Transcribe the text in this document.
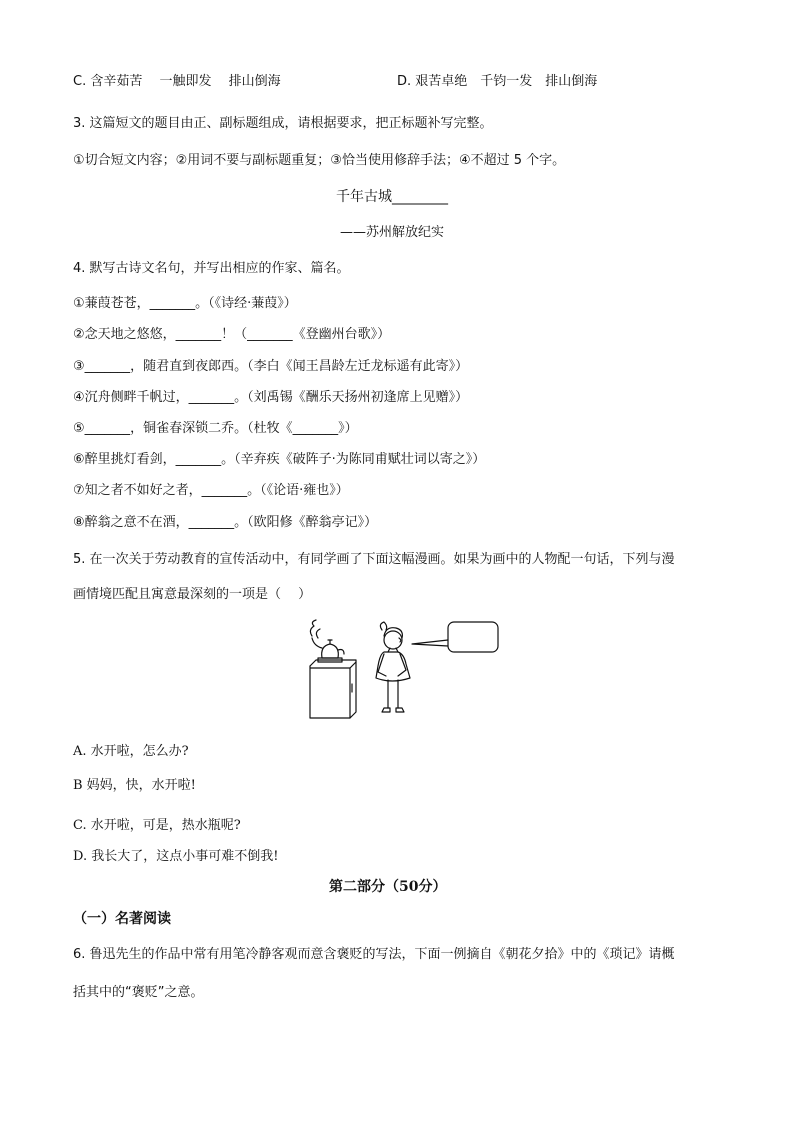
C. 含辛茹苦　 一触即发　 排山倒海	D. 艰苦卓绝　千钧一发　排山倒海
3. 这篇短文的题目由正、副标题组成，请根据要求，把正标题补写完整。
①切合短文内容；②用词不要与副标题重复；③恰当使用修辞手法；④不超过 5 个字。
千年古城________
——苏州解放纪实
4. 默写古诗文名句，并写出相应的作家、篇名。
①蒹葭苍苍，_______。（《诗经·蒹葭》）
②念天地之悠悠，_______！（_______《登幽州台歌》）
③_______，随君直到夜郎西。（李白《闻王昌龄左迁龙标遥有此寄》）
④沉舟侧畔千帆过，_______。（刘禹锡《酬乐天扬州初逢席上见赠》）
⑤_______，铜雀春深锁二乔。（杜牧《_______》）
⑥醉里挑灯看剑，_______。（辛弃疾《破阵子·为陈同甫赋壮词以寄之》）
⑦知之者不如好之者，_______。（《论语·雍也》）
⑧醉翁之意不在酒，_______。（欧阳修《醉翁亭记》）
5. 在一次关于劳动教育的宣传活动中，有同学画了下面这幅漫画。如果为画中的人物配一句话，下列与漫
画情境匹配且寓意最深刻的一项是（　 ）
A. 水开啦，怎么办?
B 妈妈，快，水开啦!
C. 水开啦，可是，热水瓶呢?
D. 我长大了，这点小事可难不倒我!
第二部分（50分）
（一）名著阅读
6. 鲁迅先生的作品中常有用笔冷静客观而意含褒贬的写法，下面一例摘自《朝花夕拾》中的《琐记》请概
括其中的“褒贬”之意。
